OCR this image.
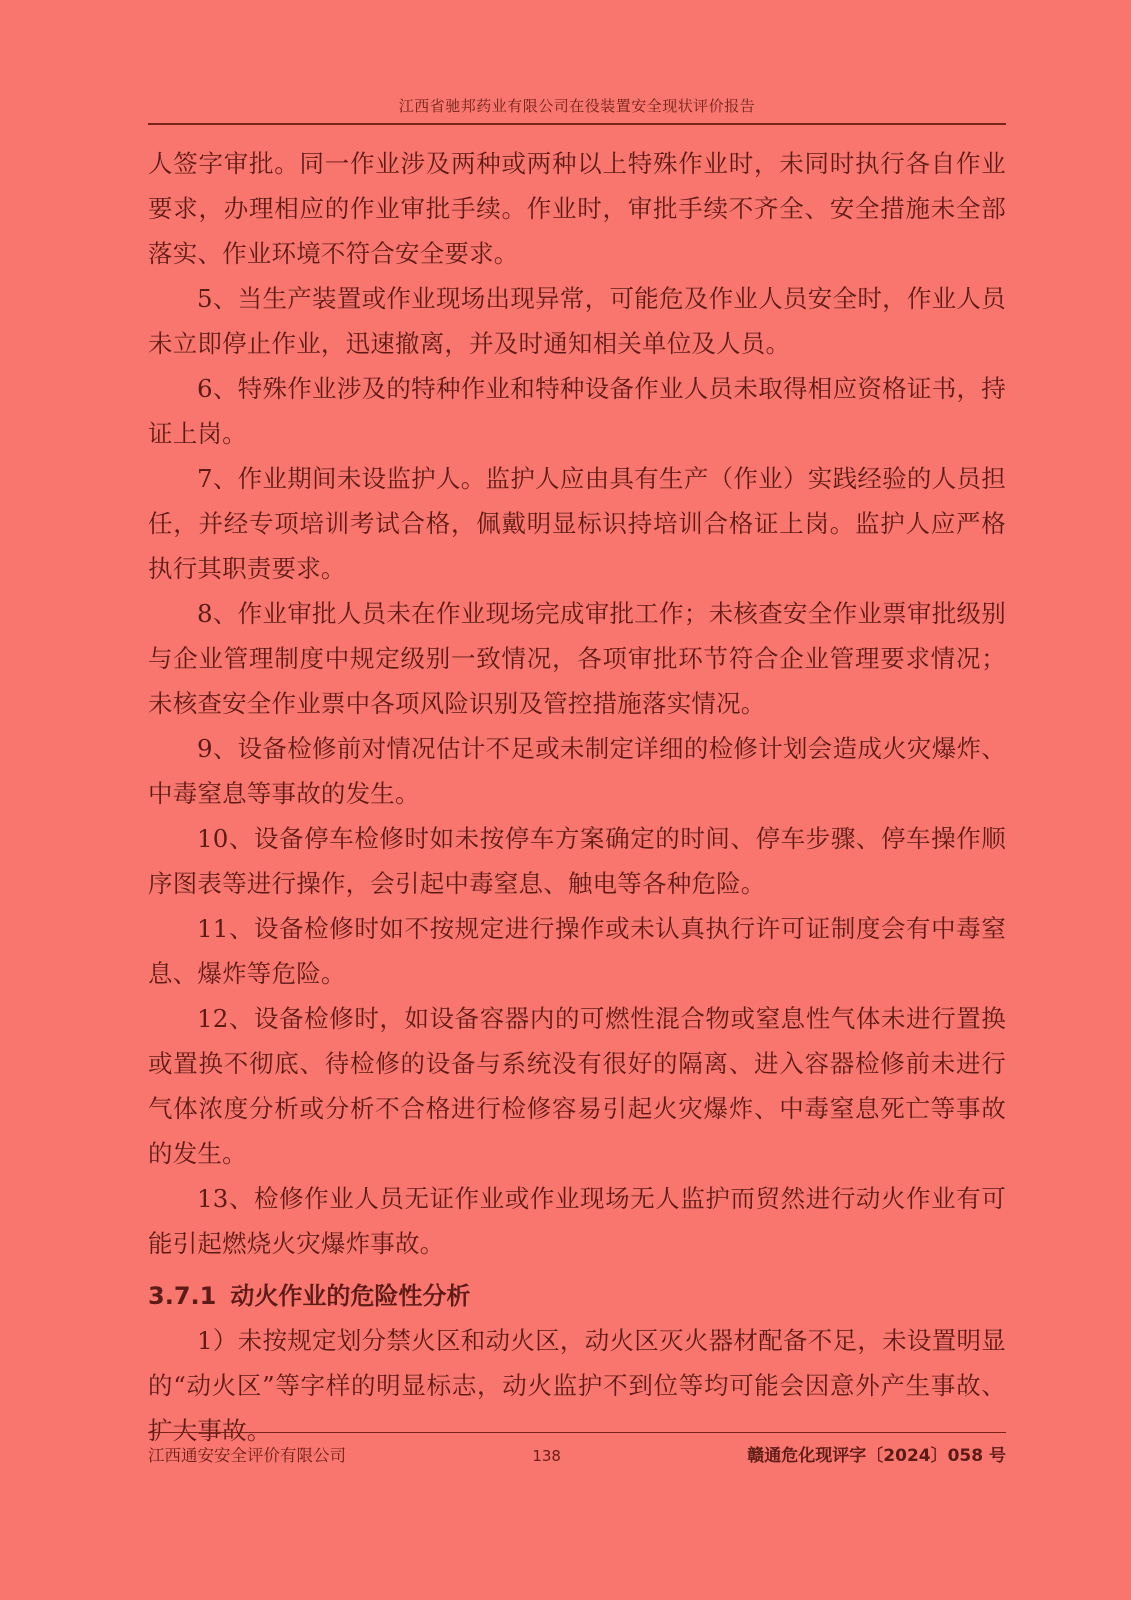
江西省驰邦药业有限公司在役装置安全现状评价报告

人签字审批。同一作业涉及两种或两种以上特殊作业时，未同时执行各自作业要求，办理相应的作业审批手续。作业时，审批手续不齐全、安全措施未全部落实、作业环境不符合安全要求。

5、当生产装置或作业现场出现异常，可能危及作业人员安全时，作业人员未立即停止作业，迅速撤离，并及时通知相关单位及人员。

6、特殊作业涉及的特种作业和特种设备作业人员未取得相应资格证书，持证上岗。

7、作业期间未设监护人。监护人应由具有生产（作业）实践经验的人员担任，并经专项培训考试合格，佩戴明显标识持培训合格证上岗。监护人应严格执行其职责要求。

8、作业审批人员未在作业现场完成审批工作；未核查安全作业票审批级别与企业管理制度中规定级别一致情况，各项审批环节符合企业管理要求情况；未核查安全作业票中各项风险识别及管控措施落实情况。

9、设备检修前对情况估计不足或未制定详细的检修计划会造成火灾爆炸、中毒窒息等事故的发生。

10、设备停车检修时如未按停车方案确定的时间、停车步骤、停车操作顺序图表等进行操作，会引起中毒窒息、触电等各种危险。

11、设备检修时如不按规定进行操作或未认真执行许可证制度会有中毒窒息、爆炸等危险。

12、设备检修时，如设备容器内的可燃性混合物或窒息性气体未进行置换或置换不彻底、待检修的设备与系统没有很好的隔离、进入容器检修前未进行气体浓度分析或分析不合格进行检修容易引起火灾爆炸、中毒窒息死亡等事故的发生。

13、检修作业人员无证作业或作业现场无人监护而贸然进行动火作业有可能引起燃烧火灾爆炸事故。

3.7.1 动火作业的危险性分析

1）未按规定划分禁火区和动火区，动火区灭火器材配备不足，未设置明显的“动火区”等字样的明显标志，动火监护不到位等均可能会因意外产生事故、扩大事故。

江西通安安全评价有限公司	138	赣通危化现评字〔2024〕058 号
